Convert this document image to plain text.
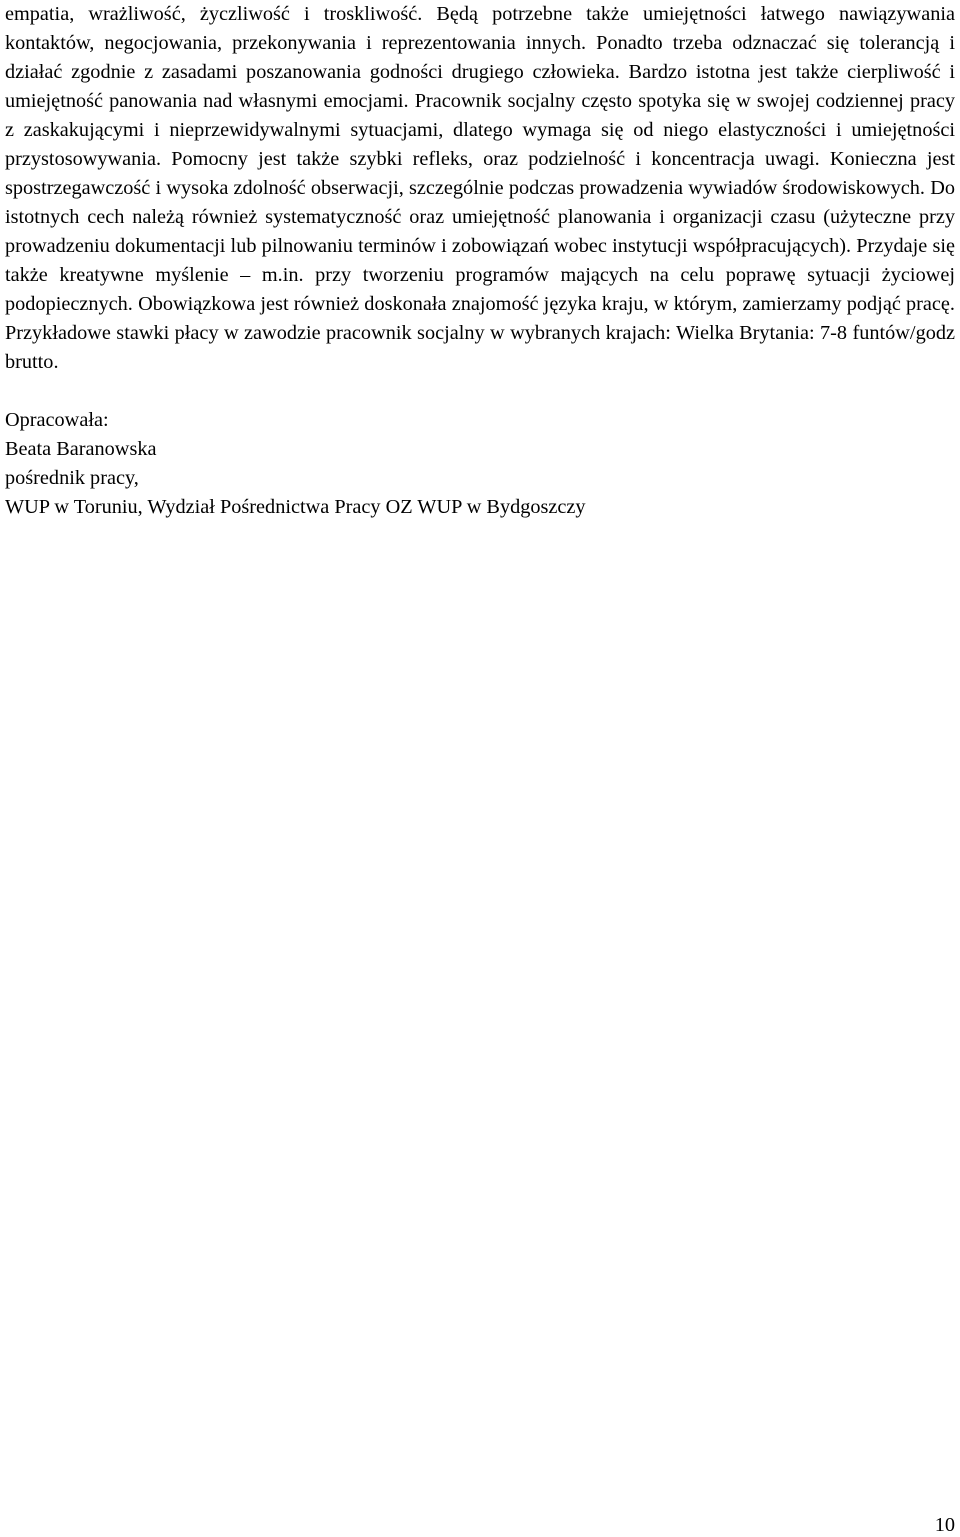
empatia, wrażliwość, życzliwość i troskliwość. Będą potrzebne także umiejętności łatwego nawiązywania kontaktów, negocjowania, przekonywania i reprezentowania innych. Ponadto trzeba odznaczać się tolerancją i działać zgodnie z zasadami poszanowania godności drugiego człowieka. Bardzo istotna jest także cierpliwość i umiejętność panowania nad własnymi emocjami. Pracownik socjalny często spotyka się w swojej codziennej pracy z zaskakującymi i nieprzewidywalnymi sytuacjami, dlatego wymaga się od niego elastyczności i umiejętności przystosowywania. Pomocny jest także szybki refleks, oraz podzielność i koncentracja uwagi. Konieczna jest spostrzegawczość i wysoka zdolność obserwacji, szczególnie podczas prowadzenia wywiadów środowiskowych. Do istotnych cech należą również systematyczność oraz umiejętność planowania i organizacji czasu (użyteczne przy prowadzeniu dokumentacji lub pilnowaniu terminów i zobowiązań wobec instytucji współpracujących). Przydaje się także kreatywne myślenie – m.in. przy tworzeniu programów mających na celu poprawę sytuacji życiowej podopiecznych. Obowiązkowa jest również doskonała znajomość języka kraju, w którym, zamierzamy podjąć pracę. Przykładowe stawki płacy w zawodzie pracownik socjalny w wybranych krajach: Wielka Brytania: 7-8 funtów/godz brutto.

Opracowała:
Beata Baranowska
pośrednik pracy,
WUP w Toruniu, Wydział Pośrednictwa Pracy OZ WUP w Bydgoszczy
10
